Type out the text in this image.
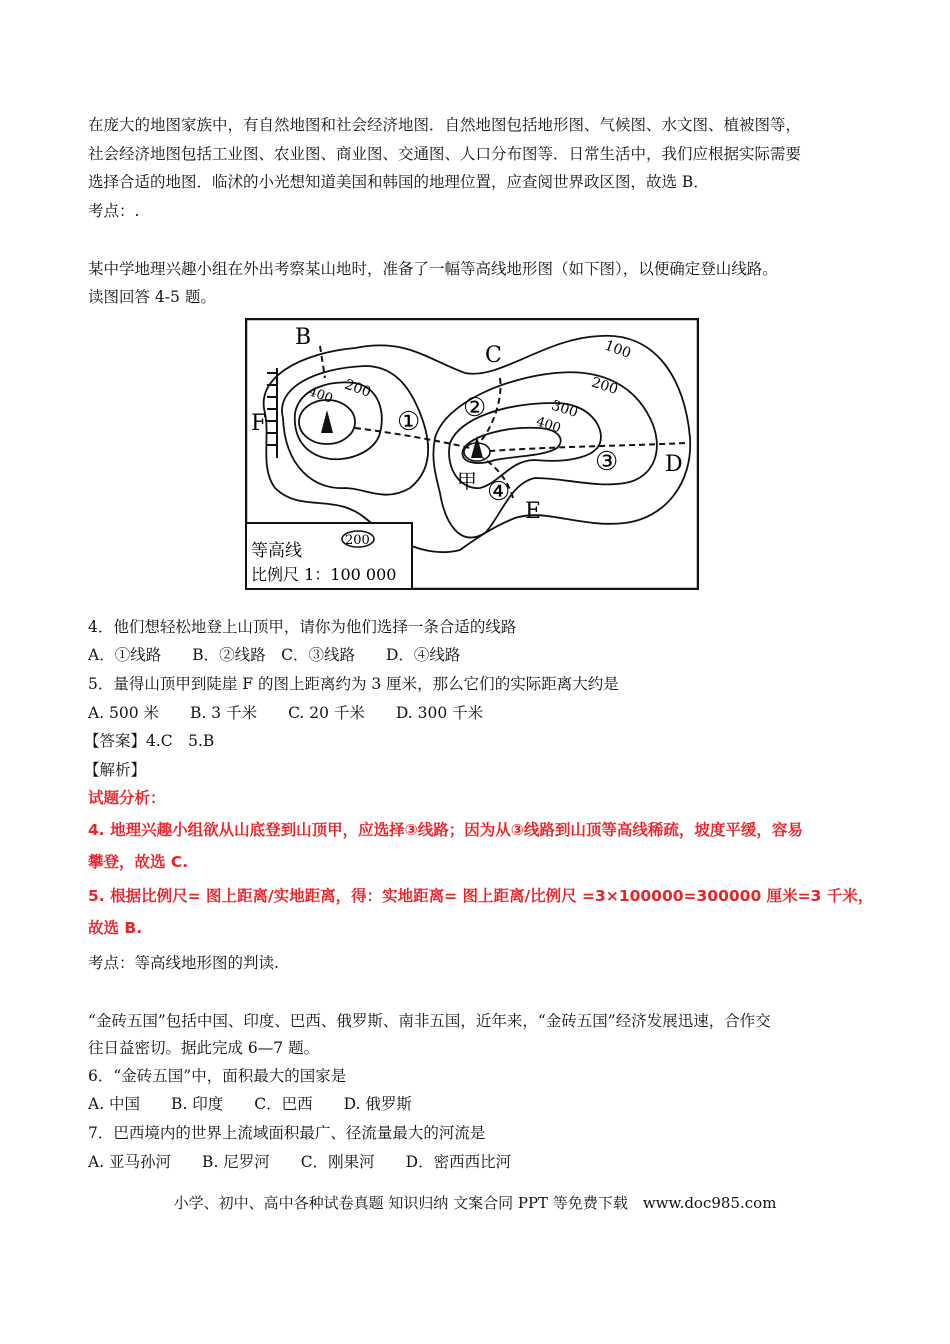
在庞大的地图家族中，有自然地图和社会经济地图．自然地图包括地形图、气候图、水文图、植被图等，
社会经济地图包括工业图、农业图、商业图、交通图、人口分布图等．日常生活中，我们应根据实际需要
选择合适的地图．临沭的小光想知道美国和韩国的地理位置，应查阅世界政区图，故选 B．
考点：.
某中学地理兴趣小组在外出考察某山地时，准备了一幅等高线地形图（如下图），以便确定登山线路。
读图回答 4-5 题。
B
C
D
E
F
甲
① ②
③
④
100
200
300
400
200
400
等高线
200
比例尺 1：100 000
4．他们想轻松地登上山顶甲，请你为他们选择一条合适的线路
A．①线路　　B．②线路　C．③线路　　D．④线路
5．量得山顶甲到陡崖 F 的图上距离约为 3 厘米，那么它们的实际距离大约是
A. 500 米　　B. 3 千米　　C. 20 千米　　D. 300 千米
【答案】4.C　5.B
【解析】
试题分析：
4. 地理兴趣小组欲从山底登到山顶甲，应选择③线路；因为从③线路到山顶等高线稀疏，坡度平缓，容易
攀登，故选 C.
5. 根据比例尺= 图上距离/实地距离，得：实地距离= 图上距离/比例尺 =3×100000=300000 厘米=3 千米，
故选 B.
考点：等高线地形图的判读.
“金砖五国”包括中国、印度、巴西、俄罗斯、南非五国，近年来，“金砖五国”经济发展迅速，合作交
往日益密切。据此完成 6—7 题。
6．“金砖五国”中，面积最大的国家是
A. 中国　　B. 印度　　C．巴西　　D. 俄罗斯
7．巴西境内的世界上流域面积最广、径流量最大的河流是
A. 亚马孙河　　B. 尼罗河　　C．刚果河　　D．密西西比河
小学、初中、高中各种试卷真题 知识归纳 文案合同 PPT 等免费下载　www.doc985.com
